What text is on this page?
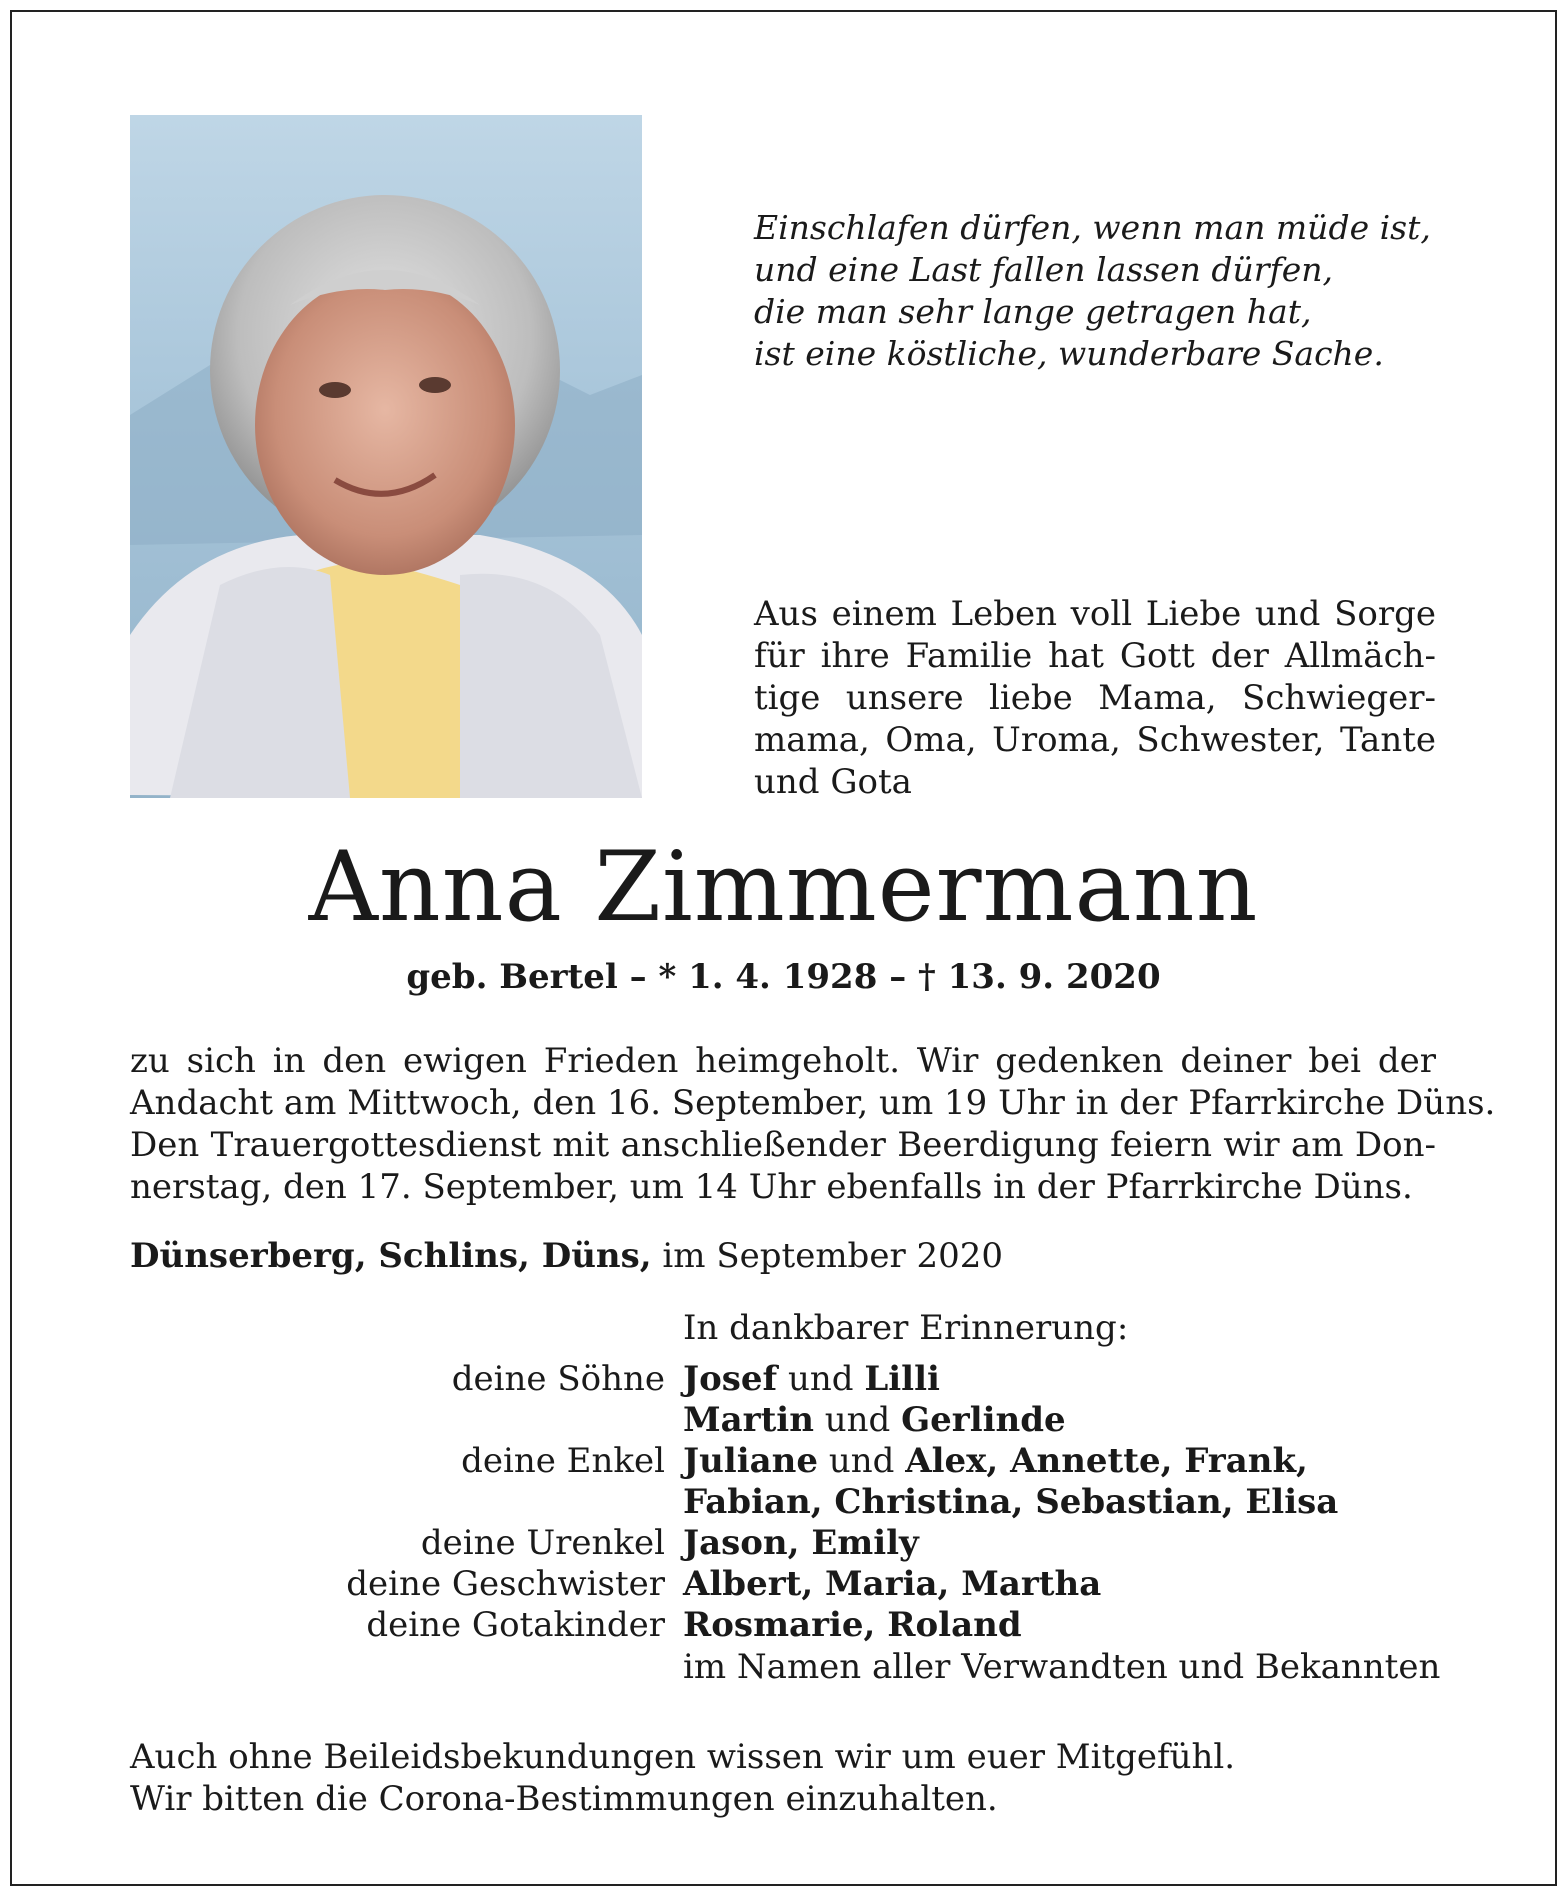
Einschlafen dürfen, wenn man müde ist,
und eine Last fallen lassen dürfen,
die man sehr lange getragen hat,
ist eine köstliche, wunderbare Sache.
Aus einem Leben voll Liebe und Sorge
für ihre Familie hat Gott der Allmäch-
tige unsere liebe Mama, Schwieger-
mama, Oma, Uroma, Schwester, Tante
und Gota
Anna Zimmermann
geb. Bertel – * 1. 4. 1928 – † 13. 9. 2020
zu sich in den ewigen Frieden heimgeholt. Wir gedenken deiner bei der
Andacht am Mittwoch, den 16. September, um 19 Uhr in der Pfarrkirche Düns.
Den Trauergottesdienst mit anschließender Beerdigung feiern wir am Don-
nerstag, den 17. September, um 14 Uhr ebenfalls in der Pfarrkirche Düns.
Dünserberg, Schlins, Düns, im September 2020
In dankbarer Erinnerung:
deine Söhne Josef und Lilli
Martin und Gerlinde
deine Enkel Juliane und Alex, Annette, Frank,
Fabian, Christina, Sebastian, Elisa
deine Urenkel Jason, Emily
deine Geschwister Albert, Maria, Martha
deine Gotakinder Rosmarie, Roland
im Namen aller Verwandten und Bekannten
Auch ohne Beileidsbekundungen wissen wir um euer Mitgefühl.
Wir bitten die Corona-Bestimmungen einzuhalten.
